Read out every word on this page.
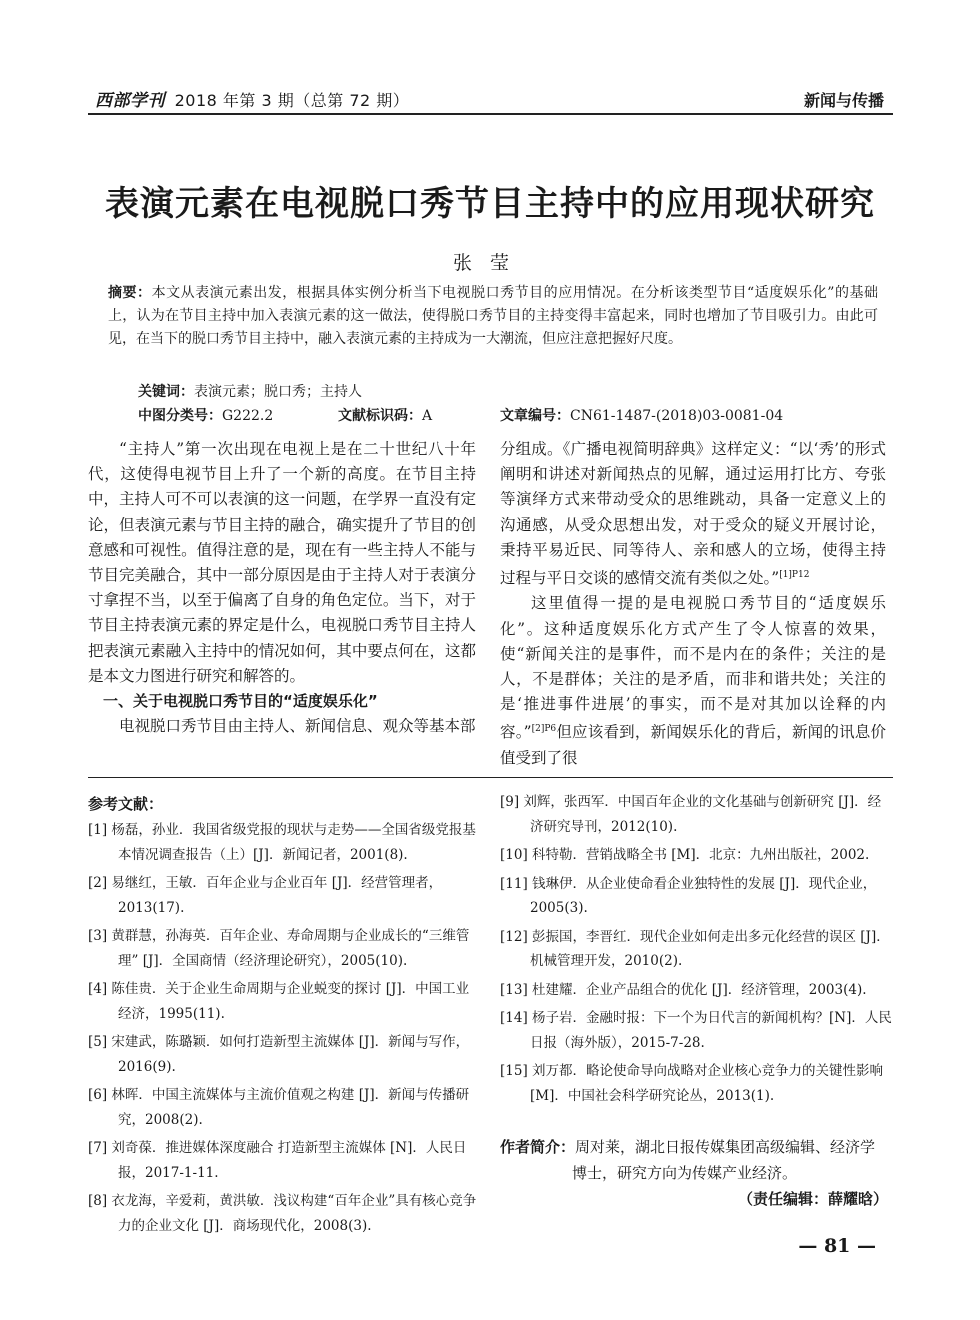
西部学刊 2018 年第 3 期（总第 72 期）	新闻与传播
表演元素在电视脱口秀节目主持中的应用现状研究
张莹
摘要：本文从表演元素出发，根据具体实例分析当下电视脱口秀节目的应用情况。在分析该类型节目“适度娱乐化”的基础上，认为在节目主持中加入表演元素的这一做法，使得脱口秀节目的主持变得丰富起来，同时也增加了节目吸引力。由此可见，在当下的脱口秀节目主持中，融入表演元素的主持成为一大潮流，但应注意把握好尺度。
关键词：表演元素；脱口秀；主持人
中图分类号：G222.2	文献标识码：A	文章编号：CN61-1487-(2018)03-0081-04

“主持人”第一次出现在电视上是在二十世纪八十年代，这使得电视节目上升了一个新的高度。在节目主持中，主持人可不可以表演的这一问题，在学界一直没有定论，但表演元素与节目主持的融合，确实提升了节目的创意感和可视性。值得注意的是，现在有一些主持人不能与节目完美融合，其中一部分原因是由于主持人对于表演分寸拿捏不当，以至于偏离了自身的角色定位。当下，对于节目主持表演元素的界定是什么，电视脱口秀节目主持人把表演元素融入主持中的情况如何，其中要点何在，这都是本文力图进行研究和解答的。

一、关于电视脱口秀节目的“适度娱乐化”

电视脱口秀节目由主持人、新闻信息、观众等基本部

分组成。《广播电视简明辞典》这样定义：“以‘秀’的形式阐明和讲述对新闻热点的见解，通过运用打比方、夸张等演绎方式来带动受众的思维跳动，具备一定意义上的沟通感，从受众思想出发，对于受众的疑义开展讨论，秉持平易近民、同等待人、亲和感人的立场，使得主持过程与平日交谈的感情交流有类似之处。”$^{[1]P12}$

这里值得一提的是电视脱口秀节目的“适度娱乐化”。这种适度娱乐化方式产生了令人惊喜的效果，使“新闻关注的是事件，而不是内在的条件；关注的是人，不是群体；关注的是矛盾，而非和谐共处；关注的是‘推进事件进展’的事实，而不是对其加以诠释的内容。”$^{[2]P6}$但应该看到，新闻娱乐化的背后，新闻的讯息价值受到了很

参考文献：

[1] 杨磊，孙业．我国省级党报的现状与走势——全国省级党报基本情况调查报告（上）[J]．新闻记者，2001(8).

[2] 易继红，王敏．百年企业与企业百年 [J]．经营管理者，2013(17).

[3] 黄群慧，孙海英．百年企业、寿命周期与企业成长的“三维管理” [J]．全国商情（经济理论研究），2005(10).

[4] 陈佳贵．关于企业生命周期与企业蜕变的探讨 [J]．中国工业经济，1995(11).

[5] 宋建武，陈璐颖．如何打造新型主流媒体 [J]．新闻与写作，2016(9).

[6] 林晖．中国主流媒体与主流价值观之构建 [J]．新闻与传播研究，2008(2).

[7] 刘奇葆．推进媒体深度融合 打造新型主流媒体 [N]．人民日报，2017-1-11.

[8] 衣龙海，辛爱莉，黄洪敏．浅议构建“百年企业”具有核心竞争力的企业文化 [J]．商场现代化，2008(3).

[9] 刘辉，张西军．中国百年企业的文化基础与创新研究 [J]．经济研究导刊，2012(10).

[10] 科特勒．营销战略全书 [M]．北京：九州出版社，2002.

[11] 钱琳伊．从企业使命看企业独特性的发展 [J]．现代企业，2005(3).

[12] 彭振国，李晋红．现代企业如何走出多元化经营的误区 [J]．机械管理开发，2010(2).

[13] 杜建耀．企业产品组合的优化 [J]．经济管理，2003(4).

[14] 杨子岩．金融时报：下一个为日代言的新闻机构？[N]．人民日报（海外版），2015-7-28.

[15] 刘万都．略论使命导向战略对企业核心竞争力的关键性影响 [M]．中国社会科学研究论丛，2013(1).

作者简介：周对莱，湖北日报传媒集团高级编辑、经济学
博士，研究方向为传媒产业经济。
（责任编辑：薛耀晗）
— 81 —
